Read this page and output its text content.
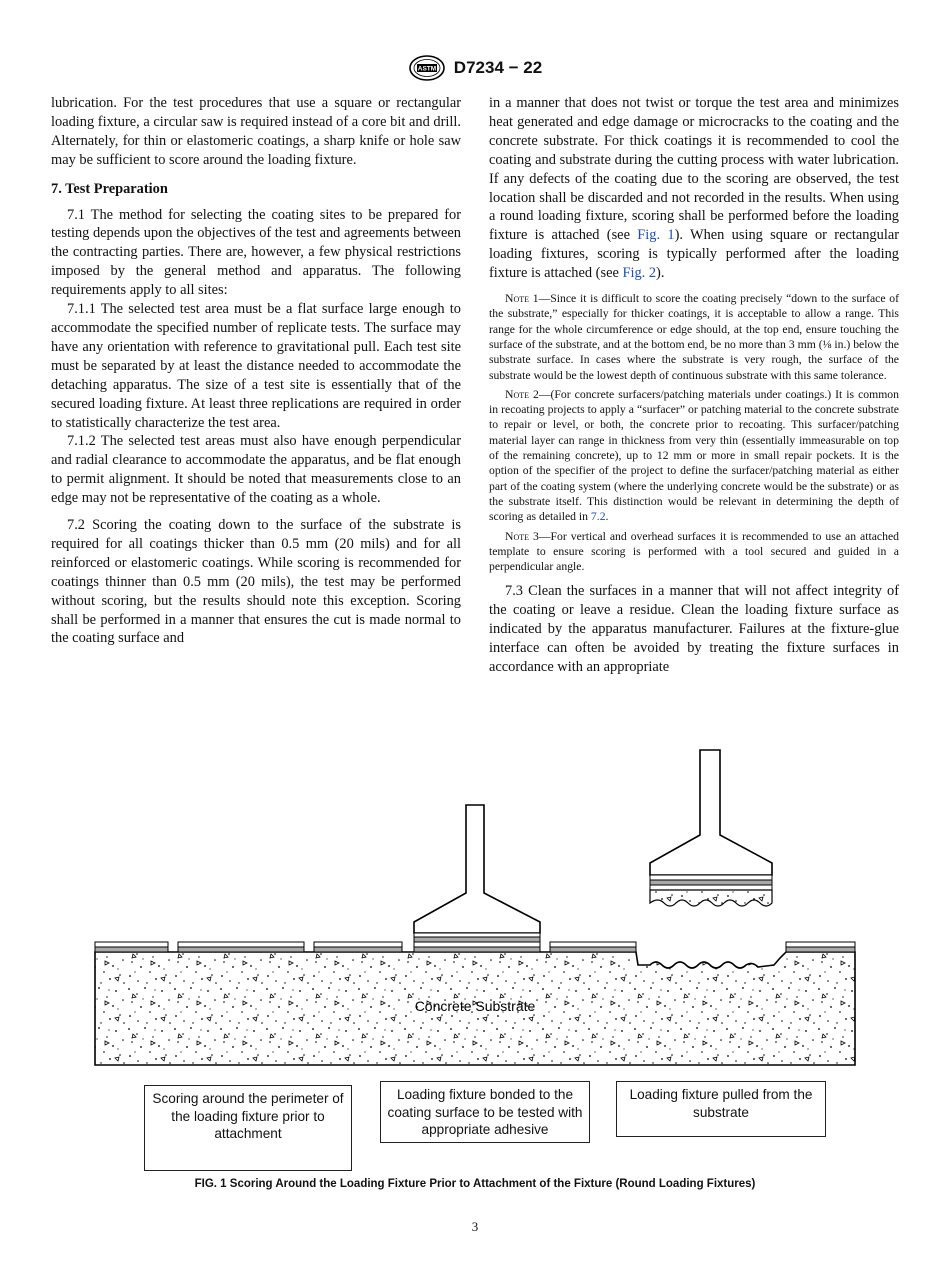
ASTM D7234 − 22

lubrication. For the test procedures that use a square or rectangular loading fixture, a circular saw is required instead of a core bit and drill. Alternately, for thin or elastomeric coatings, a sharp knife or hole saw may be sufficient to score around the loading fixture.

7. Test Preparation

7.1 The method for selecting the coating sites to be prepared for testing depends upon the objectives of the test and agreements between the contracting parties. There are, however, a few physical restrictions imposed by the general method and apparatus. The following requirements apply to all sites:

7.1.1 The selected test area must be a flat surface large enough to accommodate the specified number of replicate tests. The surface may have any orientation with reference to gravitational pull. Each test site must be separated by at least the distance needed to accommodate the detaching apparatus. The size of a test site is essentially that of the secured loading fixture. At least three replications are required in order to statistically characterize the test area.

7.1.2 The selected test areas must also have enough perpendicular and radial clearance to accommodate the apparatus, and be flat enough to permit alignment. It should be noted that measurements close to an edge may not be representative of the coating as a whole.

7.2 Scoring the coating down to the surface of the substrate is required for all coatings thicker than 0.5 mm (20 mils) and for all reinforced or elastomeric coatings. While scoring is recommended for coatings thinner than 0.5 mm (20 mils), the test may be performed without scoring, but the results should note this exception. Scoring shall be performed in a manner that ensures the cut is made normal to the coating surface and

in a manner that does not twist or torque the test area and minimizes heat generated and edge damage or microcracks to the coating and the concrete substrate. For thick coatings it is recommended to cool the coating and substrate during the cutting process with water lubrication. If any defects of the coating due to the scoring are observed, the test location shall be discarded and not recorded in the results. When using a round loading fixture, scoring shall be performed before the loading fixture is attached (see Fig. 1). When using square or rectangular loading fixtures, scoring is typically performed after the loading fixture is attached (see Fig. 2).

Note 1—Since it is difficult to score the coating precisely “down to the surface of the substrate,” especially for thicker coatings, it is acceptable to allow a range. This range for the whole circumference or edge should, at the top end, ensure touching the surface of the substrate, and at the bottom end, be no more than 3 mm (⅛ in.) below the substrate surface. In cases where the substrate is very rough, the surface of the substrate would be the lowest depth of continuous substrate with this same tolerance.

Note 2—(For concrete surfacers/patching materials under coatings.) It is common in recoating projects to apply a “surfacer” or patching material to the concrete substrate to repair or level, or both, the concrete prior to recoating. This surfacer/patching material layer can range in thickness from very thin (essentially immeasurable on top of the remaining concrete), up to 12 mm or more in small repair pockets. It is the option of the specifier of the project to define the surfacer/patching material as either part of the coating system (where the underlying concrete would be the substrate) or as the substrate itself. This distinction would be relevant in determining the depth of scoring as detailed in 7.2.

Note 3—For vertical and overhead surfaces it is recommended to use an attached template to ensure scoring is performed with a tool secured and guided in a perpendicular angle.

7.3 Clean the surfaces in a manner that will not affect integrity of the coating or leave a residue. Clean the loading fixture surface as indicated by the apparatus manufacturer. Failures at the fixture-glue interface can often be avoided by treating the fixture surfaces in accordance with an appropriate

Concrete Substrate
Scoring around the perimeter of the loading fixture prior to attachment
Loading fixture bonded to the coating surface to be tested with appropriate adhesive
Loading fixture pulled from the substrate
FIG. 1 Scoring Around the Loading Fixture Prior to Attachment of the Fixture (Round Loading Fixtures)
3
